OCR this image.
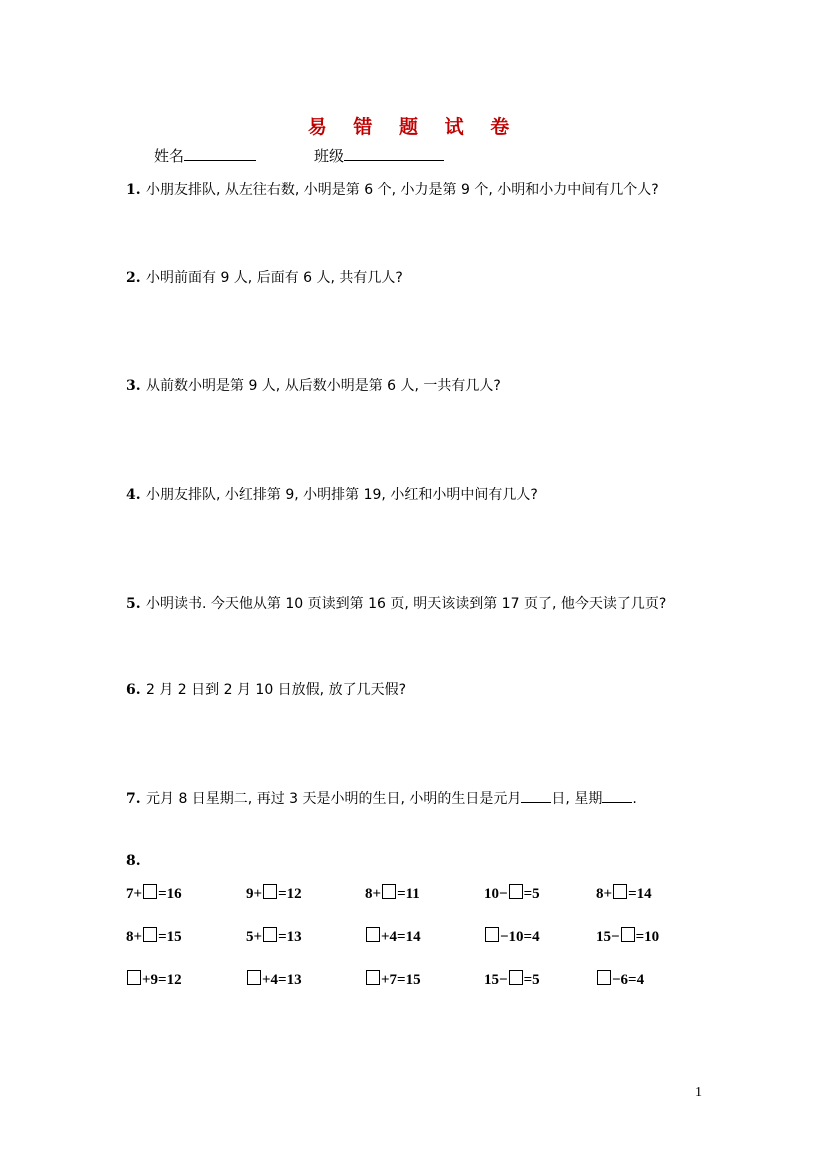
易 错 题 试 卷
姓名	班级
1. 小朋友排队, 从左往右数, 小明是第 6 个, 小力是第 9 个, 小明和小力中间有几个人?
2. 小明前面有 9 人, 后面有 6 人, 共有几人?
3. 从前数小明是第 9 人, 从后数小明是第 6 人, 一共有几人?
4. 小朋友排队, 小红排第 9, 小明排第 19, 小红和小明中间有几人?
5. 小明读书. 今天他从第 10 页读到第 16 页, 明天该读到第 17 页了, 他今天读了几页?
6. 2 月 2 日到 2 月 10 日放假, 放了几天假?
7. 元月 8 日星期二, 再过 3 天是小明的生日, 小明的生日是元月 日, 星期 .
8.
7+ =16	9+ =12	8+ =11	10− =5	8+ =14
8+ =15	5+ =13	+4=14	−10=4	15− =10
+9=12	+4=13	+7=15	15− =5	−6=4
1
